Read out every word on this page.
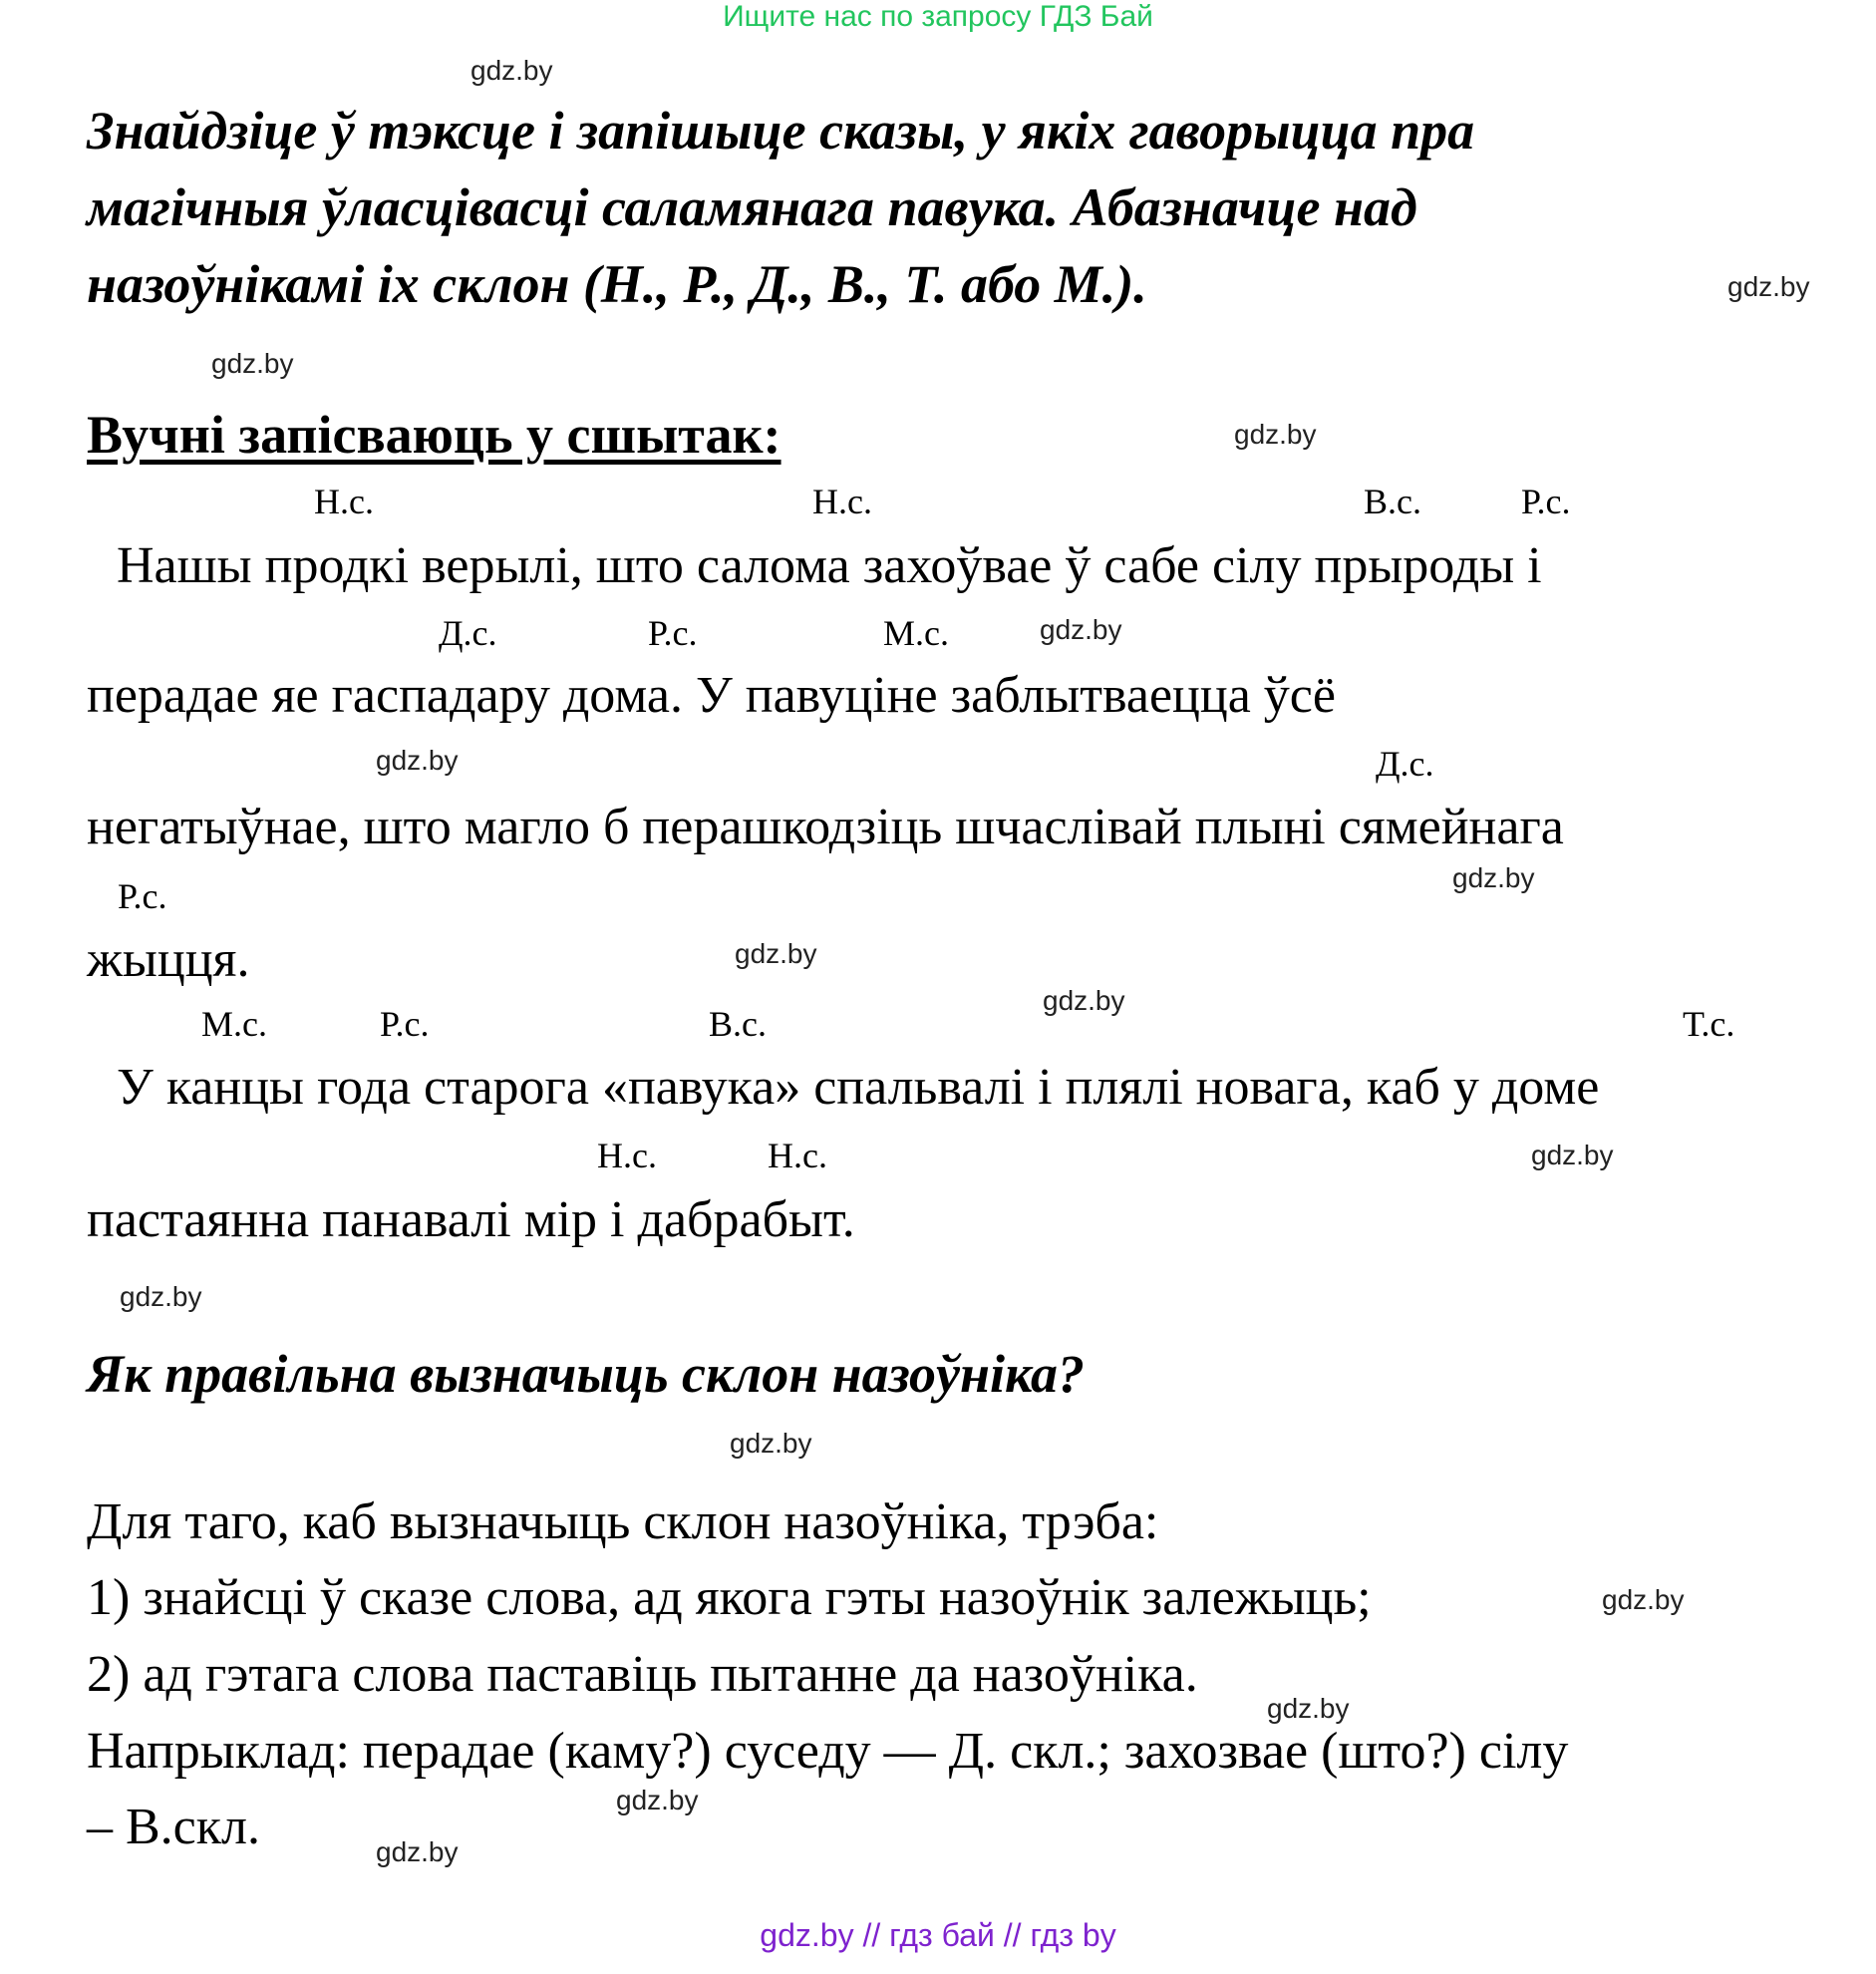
Ищите нас по запросу ГДЗ Бай
Знайдзіце ў тэксце і запішыце сказы, у якіх гаворыцца пра
магічныя ўласцівасці саламянага павука. Абазначце над
назоўнікамі іх склон (Н., Р., Д., В., Т. або М.).
Вучні запісваюць у сшытак:
Н.с.	Н.с.	В.с.	Р.с.
Нашы продкі верылі, што салома захоўвае ў сабе сілу прыроды і
Д.с.	Р.с.	М.с.
перадае яе гаспадару дома. У павуціне заблытваецца ўсё
Д.с.
негатыўнае, што магло б перашкодзіць шчаслівай плыні сямейнага
Р.с.
жыцця.
М.с.	Р.с.	В.с.	Т.с.
У канцы года старога «павука» спальвалі і плялі новага, каб у доме
Н.с.	Н.с.
пастаянна панавалі мір і дабрабыт.
Як правільна вызначыць склон назоўніка?
Для таго, каб вызначыць склон назоўніка, трэба:
1) знайсці ў сказе слова, ад якога гэты назоўнік залежыць;
2) ад гэтага слова паставіць пытанне да назоўніка.
Напрыклад: перадае (каму?) суседу — Д. скл.; захозвае (што?) сілу
– В.скл.
gdz.by
gdz.by
gdz.by
gdz.by
gdz.by
gdz.by
gdz.by
gdz.by
gdz.by
gdz.by
gdz.by
gdz.by
gdz.by
gdz.by
gdz.by
gdz.by
gdz.by // гдз бай // гдз by
